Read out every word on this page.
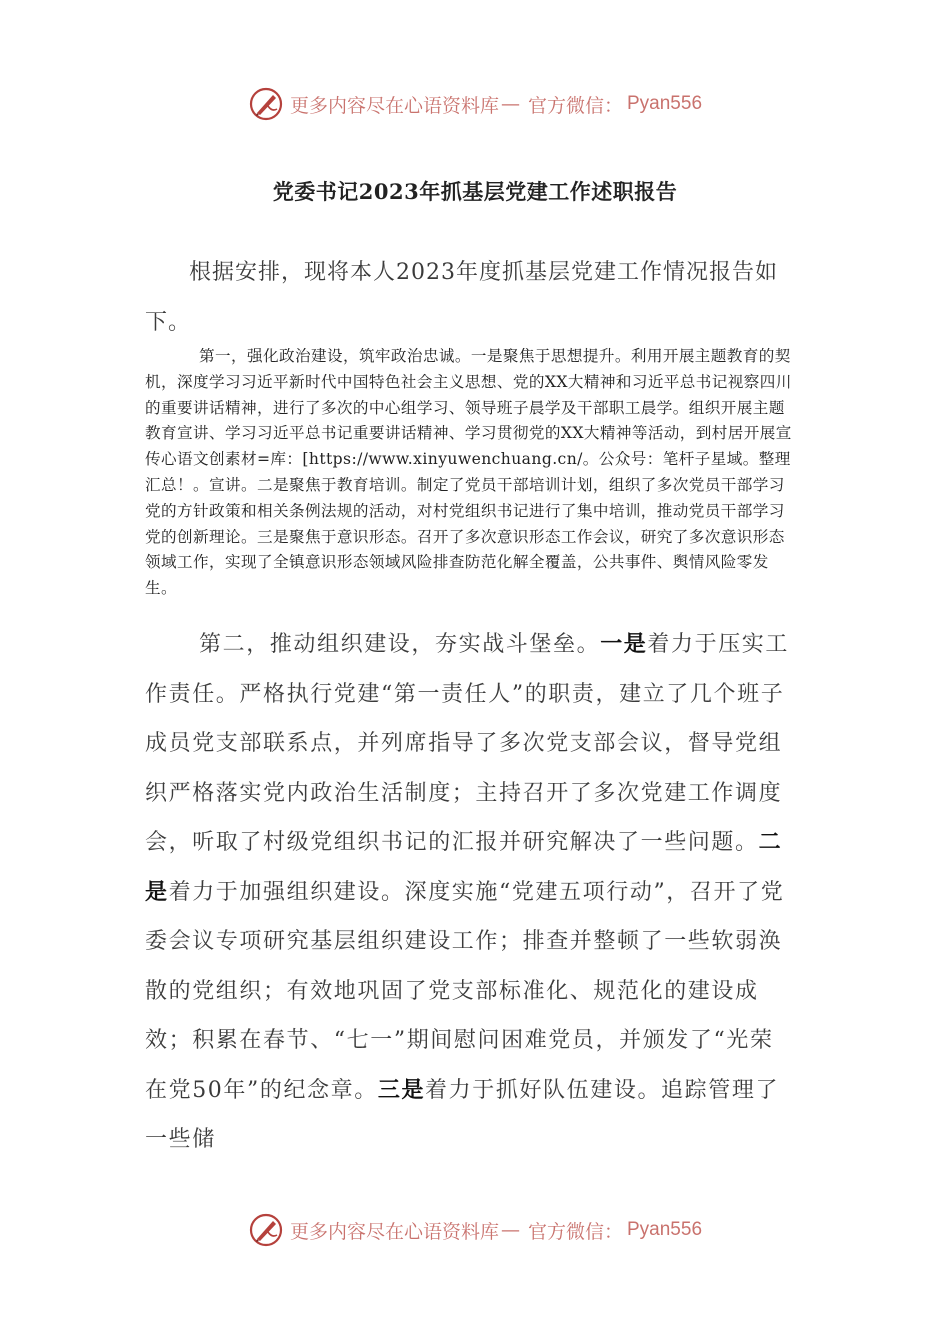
更多内容尽在心语资料库 — 官方微信： Pyan556
党委书记2023年抓基层党建工作述职报告

根据安排，现将本人2023年度抓基层党建工作情况报告如下。

第一，强化政治建设，筑牢政治忠诚。一是聚焦于思想提升。利用开展主题教育的契机，深度学习习近平新时代中国特色社会主义思想、党的XX大精神和习近平总书记视察四川的重要讲话精神，进行了多次的中心组学习、领导班子晨学及干部职工晨学。组织开展主题教育宣讲、学习习近平总书记重要讲话精神、学习贯彻党的XX大精神等活动，到村居开展宣传心语文创素材=库：[https://www.xinyuwenchuang.cn/。公众号：笔杆子星域。整理汇总！。宣讲。二是聚焦于教育培训。制定了党员干部培训计划，组织了多次党员干部学习党的方针政策和相关条例法规的活动，对村党组织书记进行了集中培训，推动党员干部学习党的创新理论。三是聚焦于意识形态。召开了多次意识形态工作会议，研究了多次意识形态领域工作，实现了全镇意识形态领域风险排查防范化解全覆盖，公共事件、舆情风险零发生。

第二，推动组织建设，夯实战斗堡垒。一是着力于压实工作责任。严格执行党建“第一责任人”的职责，建立了几个班子成员党支部联系点，并列席指导了多次党支部会议，督导党组织严格落实党内政治生活制度；主持召开了多次党建工作调度会，听取了村级党组织书记的汇报并研究解决了一些问题。二是着力于加强组织建设。深度实施“党建五项行动”，召开了党委会议专项研究基层组织建设工作；排查并整顿了一些软弱涣散的党组织；有效地巩固了党支部标准化、规范化的建设成效；积累在春节、“七一”期间慰问困难党员，并颁发了“光荣在党50年”的纪念章。三是着力于抓好队伍建设。追踪管理了一些储

更多内容尽在心语资料库 — 官方微信： Pyan556
